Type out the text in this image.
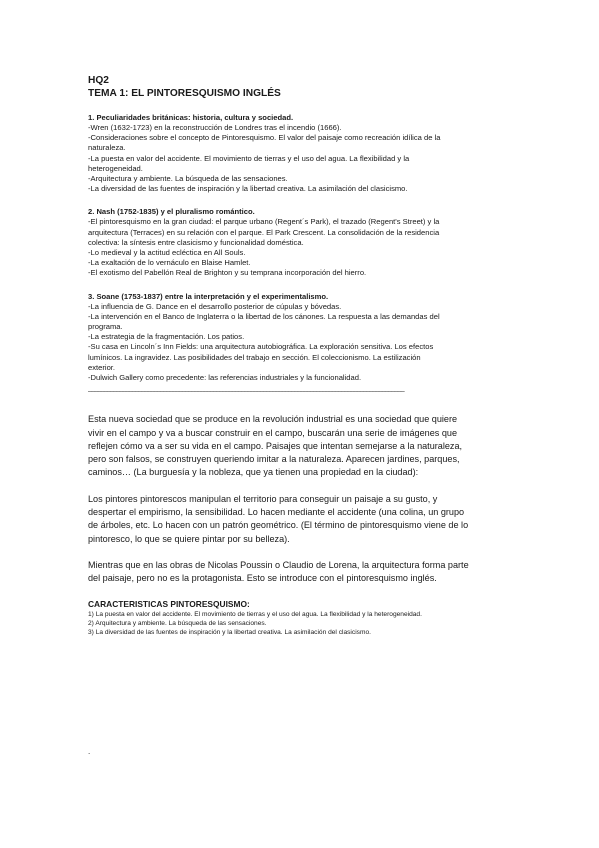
HQ2

TEMA 1: EL PINTORESQUISMO INGLÉS

1. Peculiaridades británicas: historia, cultura y sociedad.

-Wren (1632-1723) en la reconstrucción de Londres tras el incendio (1666).

-Consideraciones sobre el concepto de Pintoresquismo. El valor del paisaje como recreación idílica de la

naturaleza.

-La puesta en valor del accidente. El movimiento de tierras y el uso del agua. La flexibilidad y la

heterogeneidad.

-Arquitectura y ambiente. La búsqueda de las sensaciones.

-La diversidad de las fuentes de inspiración y la libertad creativa. La asimilación del clasicismo.

2. Nash (1752-1835) y el pluralismo romántico.

-El pintoresquismo en la gran ciudad: el parque urbano (Regent´s Park), el trazado (Regent's Street) y la

arquitectura (Terraces) en su relación con el parque. El Park Crescent. La consolidación de la residencia

colectiva: la síntesis entre clasicismo y funcionalidad doméstica.

-Lo medieval y la actitud ecléctica en All Souls.

-La exaltación de lo vernáculo en Blaise Hamlet.

-El exotismo del Pabellón Real de Brighton y su temprana incorporación del hierro.

3. Soane (1753-1837) entre la interpretación y el experimentalismo.

-La influencia de G. Dance en el desarrollo posterior de cúpulas y bóvedas.

-La intervención en el Banco de Inglaterra o la libertad de los cánones. La respuesta a las demandas del

programa.

-La estrategia de la fragmentación. Los patios.

-Su casa en Lincoln´s Inn Fields: una arquitectura autobiográfica. La exploración sensitiva. Los efectos

lumínicos. La ingravidez. Las posibilidades del trabajo en sección. El coleccionismo. La estilización

exterior.

-Dulwich Gallery como precedente: las referencias industriales y la funcionalidad.

_____________________________________________________________________________________________________

Esta nueva sociedad que se produce en la revolución industrial es una sociedad que quiere

vivir en el campo y va a buscar construir en el campo, buscarán una serie de imágenes que

reflejen cómo va a ser su vida en el campo. Paisajes que intentan semejarse a la naturaleza,

pero son falsos, se construyen queriendo imitar a la naturaleza. Aparecen jardines, parques,

caminos… (La burguesía y la nobleza, que ya tienen una propiedad en la ciudad):

Los pintores pintorescos manipulan el territorio para conseguir un paisaje a su gusto, y

despertar el empirismo, la sensibilidad. Lo hacen mediante el accidente (una colina, un grupo

de árboles, etc. Lo hacen con un patrón geométrico. (El término de pintoresquismo viene de lo

pintoresco, lo que se quiere pintar por su belleza).

Mientras que en las obras de Nicolas Poussin o Claudio de Lorena, la arquitectura forma parte

del paisaje, pero no es la protagonista. Esto se introduce con el pintoresquismo inglés.

CARACTERISTICAS PINTORESQUISMO:

1) La puesta en valor del accidente. El movimiento de tierras y el uso del agua. La flexibilidad y la heterogeneidad.

2) Arquitectura y ambiente. La búsqueda de las sensaciones.

3) La diversidad de las fuentes de inspiración y la libertad creativa. La asimilación del clasicismo.

.
